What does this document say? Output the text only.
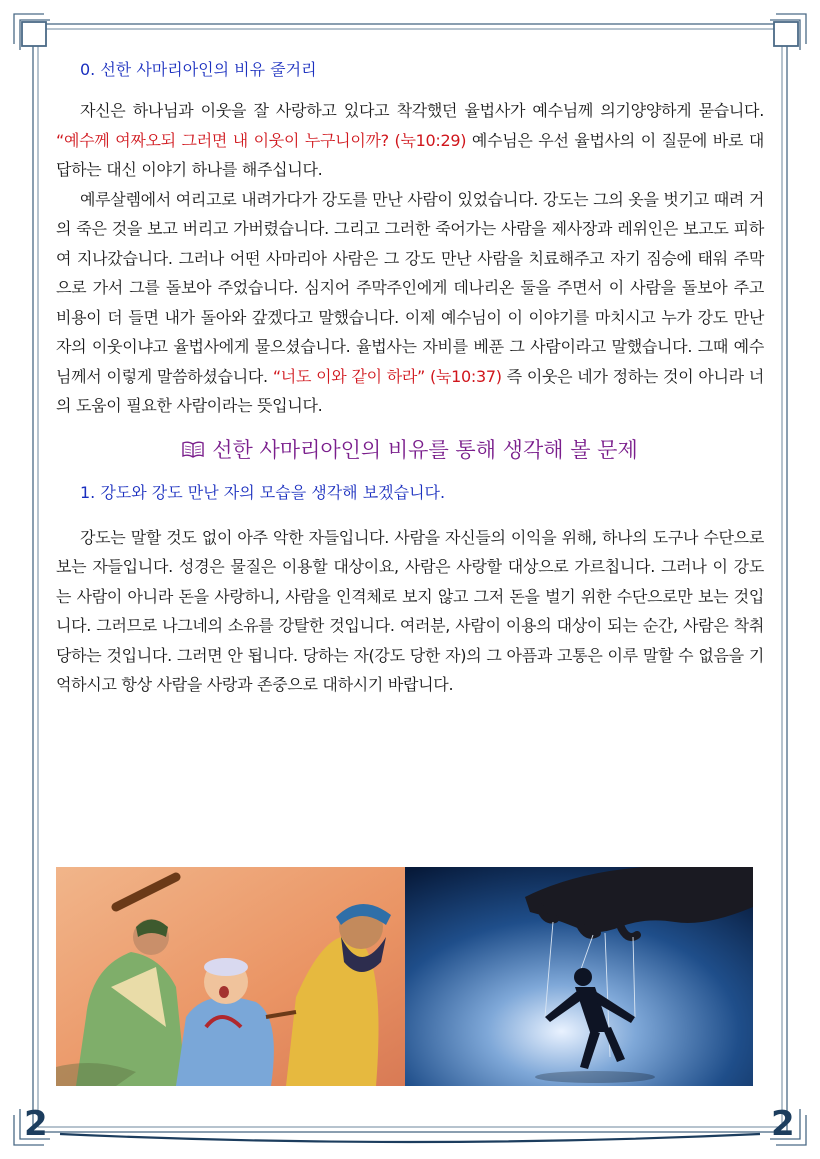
0. 선한 사마리아인의 비유 줄거리

자신은 하나님과 이웃을 잘 사랑하고 있다고 착각했던 율법사가 예수님께 의기양양하게 묻습니다. “예수께 여짜오되 그러면 내 이웃이 누구니이까? (눅10:29) 예수님은 우선 율법사의 이 질문에 바로 대답하는 대신 이야기 하나를 해주십니다.

예루살렘에서 여리고로 내려가다가 강도를 만난 사람이 있었습니다. 강도는 그의 옷을 벗기고 때려 거의 죽은 것을 보고 버리고 가버렸습니다. 그리고 그러한 죽어가는 사람을 제사장과 레위인은 보고도 피하여 지나갔습니다. 그러나 어떤 사마리아 사람은 그 강도 만난 사람을 치료해주고 자기 짐승에 태워 주막으로 가서 그를 돌보아 주었습니다. 심지어 주막주인에게 데나리온 둘을 주면서 이 사람을 돌보아 주고 비용이 더 들면 내가 돌아와 갚겠다고 말했습니다. 이제 예수님이 이 이야기를 마치시고 누가 강도 만난 자의 이웃이냐고 율법사에게 물으셨습니다. 율법사는 자비를 베푼 그 사람이라고 말했습니다. 그때 예수님께서 이렇게 말씀하셨습니다. “너도 이와 같이 하라” (눅10:37) 즉 이웃은 네가 정하는 것이 아니라 너의 도움이 필요한 사람이라는 뜻입니다.

선한 사마리아인의 비유를 통해 생각해 볼 문제
1. 강도와 강도 만난 자의 모습을 생각해 보겠습니다.

강도는 말할 것도 없이 아주 악한 자들입니다. 사람을 자신들의 이익을 위해, 하나의 도구나 수단으로 보는 자들입니다. 성경은 물질은 이용할 대상이요, 사람은 사랑할 대상으로 가르칩니다. 그러나 이 강도는 사람이 아니라 돈을 사랑하니, 사람을 인격체로 보지 않고 그저 돈을 벌기 위한 수단으로만 보는 것입니다. 그러므로 나그네의 소유를 강탈한 것입니다. 여러분, 사람이 이용의 대상이 되는 순간, 사람은 착취당하는 것입니다. 그러면 안 됩니다. 당하는 자(강도 당한 자)의 그 아픔과 고통은 이루 말할 수 없음을 기억하시고 항상 사람을 사랑과 존중으로 대하시기 바랍니다.

2	2
